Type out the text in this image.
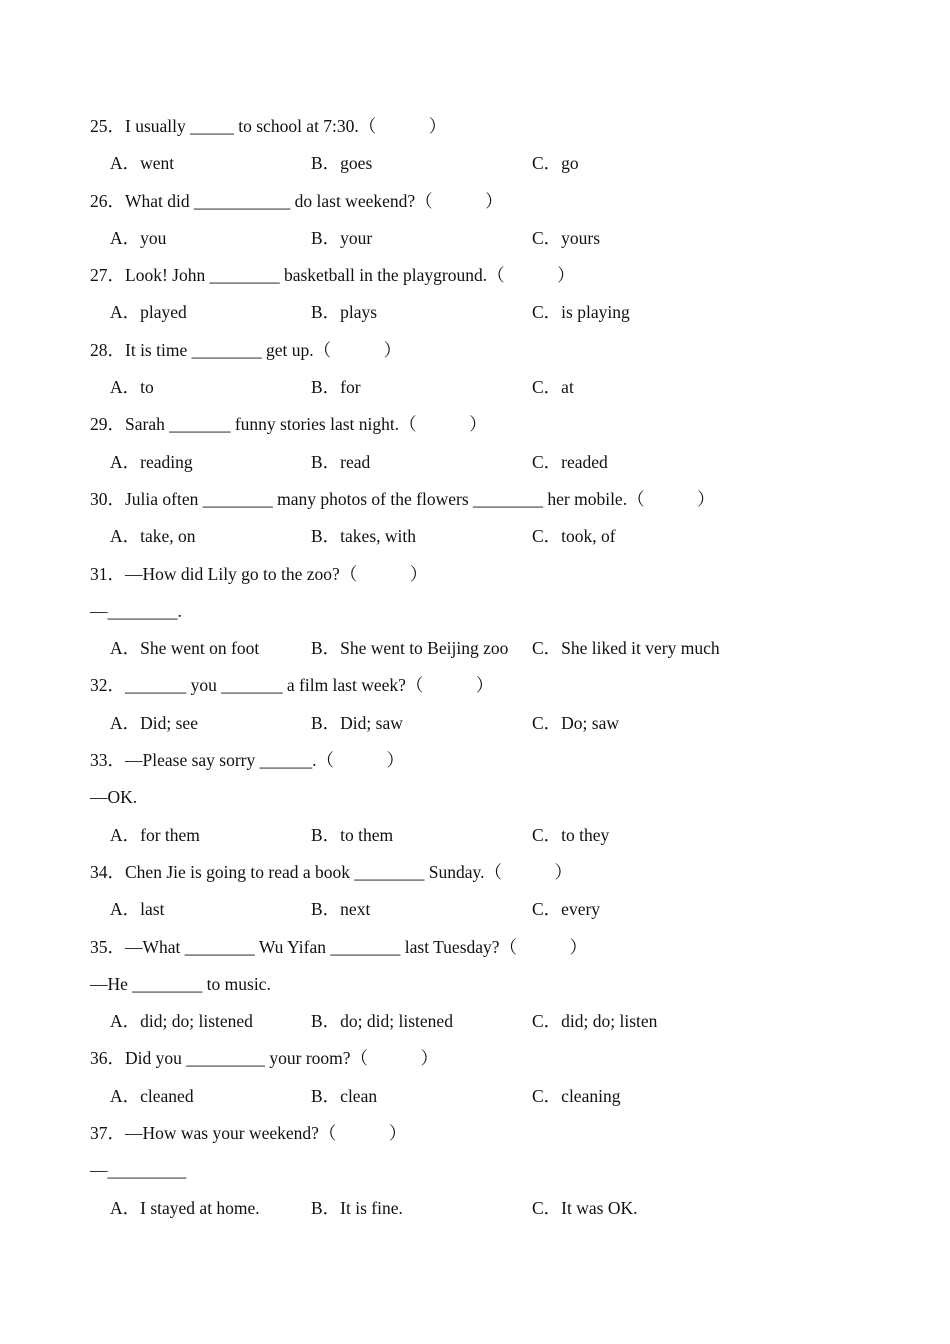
25．I usually _____ to school at 7:30.（　　　）
A．went	B．goes	C．go
26．What did ___________ do last weekend?（　　　）
A．you	B．your	C．yours
27．Look! John ________ basketball in the playground.（　　　）
A．played	B．plays	C．is playing
28．It is time ________ get up.（　　　）
A．to	B．for	C．at
29．Sarah _______ funny stories last night.（　　　）
A．reading	B．read	C．readed
30．Julia often ________ many photos of the flowers ________ her mobile.（　　　）
A．take, on	B．takes, with	C．took, of
31．—How did Lily go to the zoo?（　　　）
—________.
A．She went on foot	B．She went to Beijing zoo C．She liked it very much
32．_______ you _______ a film last week?（　　　）
A．Did; see	B．Did; saw	C．Do; saw
33．—Please say sorry ______.（　　　）
—OK.
A．for them	B．to them	C．to they
34．Chen Jie is going to read a book ________ Sunday.（　　　）
A．last	B．next	C．every
35．—What ________ Wu Yifan ________ last Tuesday?（　　　）
—He ________ to music.
A．did; do; listened	B．do; did; listened	C．did; do; listen
36．Did you _________ your room?（　　　）
A．cleaned	B．clean	C．cleaning
37．—How was your weekend?（　　　）
—_________
A．I stayed at home.	B．It is fine.	C．It was OK.
